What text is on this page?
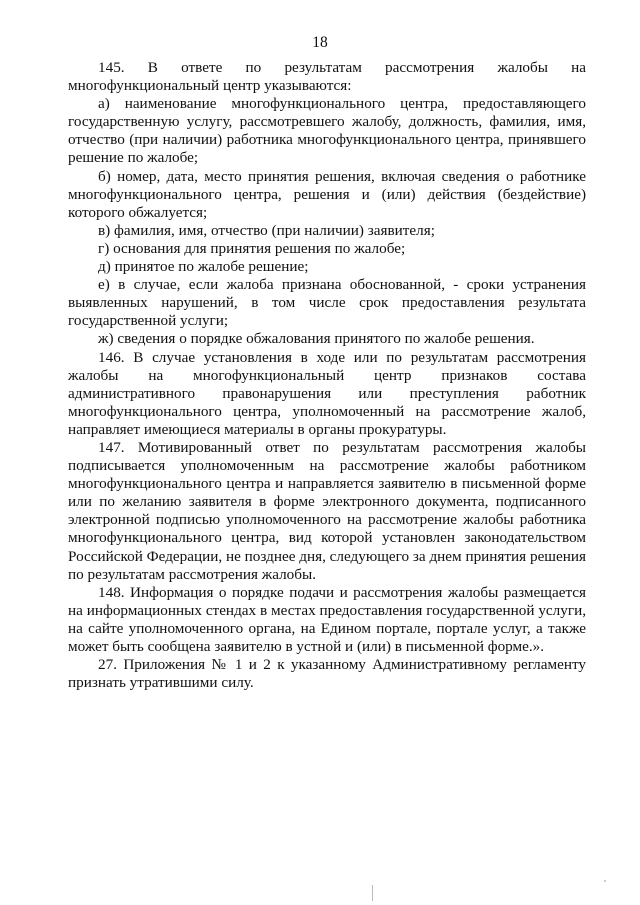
18

145. В ответе по результатам рассмотрения жалобы на многофункциональный центр указываются:

а) наименование многофункционального центра, предоставляющего государственную услугу, рассмотревшего жалобу, должность, фамилия, имя, отчество (при наличии) работника многофункционального центра, принявшего решение по жалобе;

б) номер, дата, место принятия решения, включая сведения о работнике многофункционального центра, решения и (или) действия (бездействие) которого обжалуется;

в) фамилия, имя, отчество (при наличии) заявителя;

г) основания для принятия решения по жалобе;

д) принятое по жалобе решение;

е) в случае, если жалоба признана обоснованной, - сроки устранения выявленных нарушений, в том числе срок предоставления результата государственной услуги;

ж) сведения о порядке обжалования принятого по жалобе решения.

146. В случае установления в ходе или по результатам рассмотрения жалобы на многофункциональный центр признаков состава административного правонарушения или преступления работник многофункционального центра, уполномоченный на рассмотрение жалоб, направляет имеющиеся материалы в органы прокуратуры.

147. Мотивированный ответ по результатам рассмотрения жалобы подписывается уполномоченным на рассмотрение жалобы работником многофункционального центра и направляется заявителю в письменной форме или по желанию заявителя в форме электронного документа, подписанного электронной подписью уполномоченного на рассмотрение жалобы работника многофункционального центра, вид которой установлен законодательством Российской Федерации, не позднее дня, следующего за днем принятия решения по результатам рассмотрения жалобы.

148. Информация о порядке подачи и рассмотрения жалобы размещается на информационных стендах в местах предоставления государственной услуги, на сайте уполномоченного органа, на Едином портале, портале услуг, а также может быть сообщена заявителю в устной и (или) в письменной форме.».

27. Приложения № 1 и 2 к указанному Административному регламенту признать утратившими силу.
